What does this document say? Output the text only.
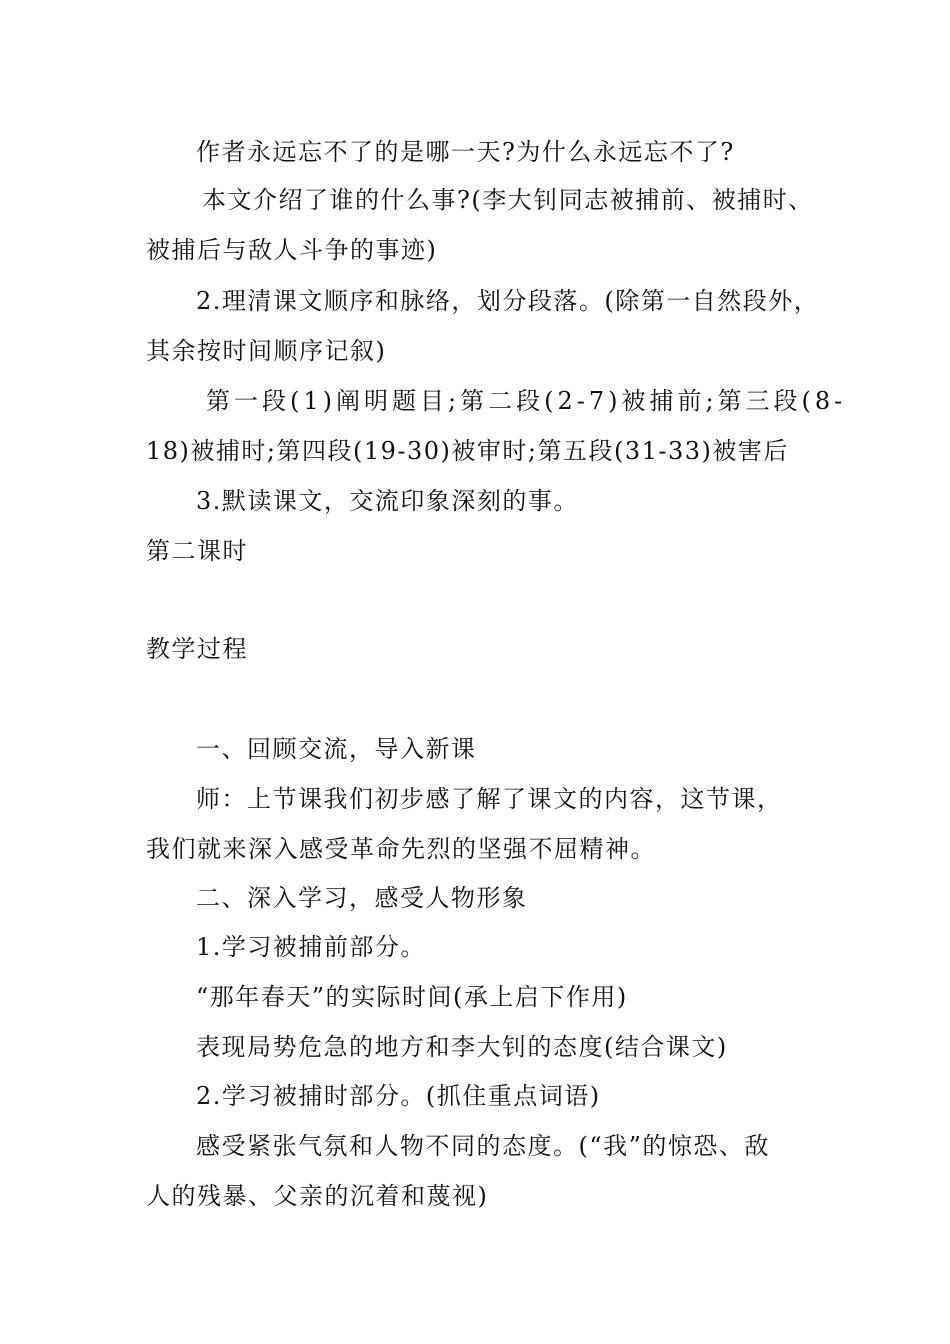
作者永远忘不了的是哪一天?为什么永远忘不了?
本文介绍了谁的什么事?(李大钊同志被捕前、被捕时、
被捕后与敌人斗争的事迹)
2.理清课文顺序和脉络，划分段落。(除第一自然段外，
其余按时间顺序记叙)
第一段(1)阐明题目;第二段(2-7)被捕前;第三段(8-
18)被捕时;第四段(19-30)被审时;第五段(31-33)被害后
3.默读课文，交流印象深刻的事。
第二课时
教学过程
一、回顾交流，导入新课
师：上节课我们初步感了解了课文的内容，这节课，
我们就来深入感受革命先烈的坚强不屈精神。
二、深入学习，感受人物形象
1.学习被捕前部分。
“那年春天”的实际时间(承上启下作用)
表现局势危急的地方和李大钊的态度(结合课文)
2.学习被捕时部分。(抓住重点词语)
感受紧张气氛和人物不同的态度。(“我”的惊恐、敌
人的残暴、父亲的沉着和蔑视)
